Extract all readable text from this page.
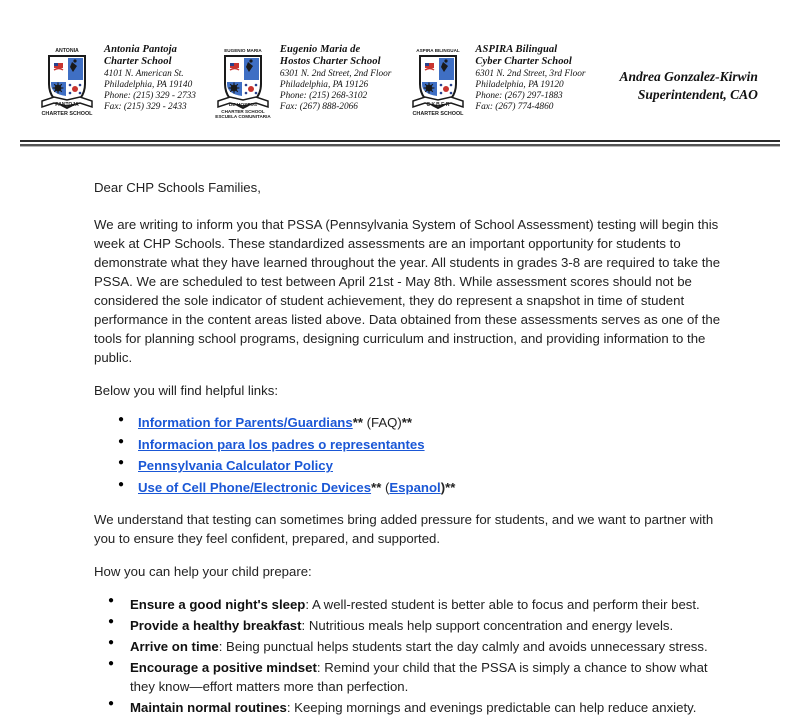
ANTONIA
PANTOJA
CHARTER SCHOOL
Antonia Pantoja
Charter School
4101 N. American St.
Philadelphia, PA 19140
Phone: (215) 329 - 2733
Fax: (215) 329 - 2433
EUGENIO MARIA
DE HOSTOS
CHARTER SCHOOL
ESCUELA COMUNITARIA
Eugenio Maria de
Hostos Charter School
6301 N. 2nd Street, 2nd Floor
Philadelphia, PA 19126
Phone: (215) 268-3102
Fax: (267) 888-2066
ASPIRA BILINGUAL
C Y B E R
CHARTER SCHOOL
ASPIRA Bilingual
Cyber Charter School
6301 N. 2nd Street, 3rd Floor
Philadelphia, PA 19120
Phone: (267) 297-1883
Fax: (267) 774-4860
Andrea Gonzalez-Kirwin
Superintendent, CAO

Dear CHP Schools Families,

We are writing to inform you that PSSA (Pennsylvania System of School Assessment) testing will begin this week at CHP Schools. These standardized assessments are an important opportunity for students to demonstrate what they have learned throughout the year. All students in grades 3-8 are required to take the PSSA. We are scheduled to test between April 21st - May 8th. While assessment scores should not be considered the sole indicator of student achievement, they do represent a snapshot in time of student performance in the content areas listed above. Data obtained from these assessments serves as one of the tools for planning school programs, designing curriculum and instruction, and providing information to the public.

Below you will find helpful links:

● Information for Parents/Guardians** (FAQ)**
● Informacion para los padres o representantes
● Pennsylvania Calculator Policy
● Use of Cell Phone/Electronic Devices** (Espanol)**

We understand that testing can sometimes bring added pressure for students, and we want to partner with you to ensure they feel confident, prepared, and supported.

How you can help your child prepare:

● Ensure a good night's sleep: A well-rested student is better able to focus and perform their best.
● Provide a healthy breakfast: Nutritious meals help support concentration and energy levels.
● Arrive on time: Being punctual helps students start the day calmly and avoids unnecessary stress.
● Encourage a positive mindset: Remind your child that the PSSA is simply a chance to show what they know—effort matters more than perfection.
● Maintain normal routines: Keeping mornings and evenings predictable can help reduce anxiety.
